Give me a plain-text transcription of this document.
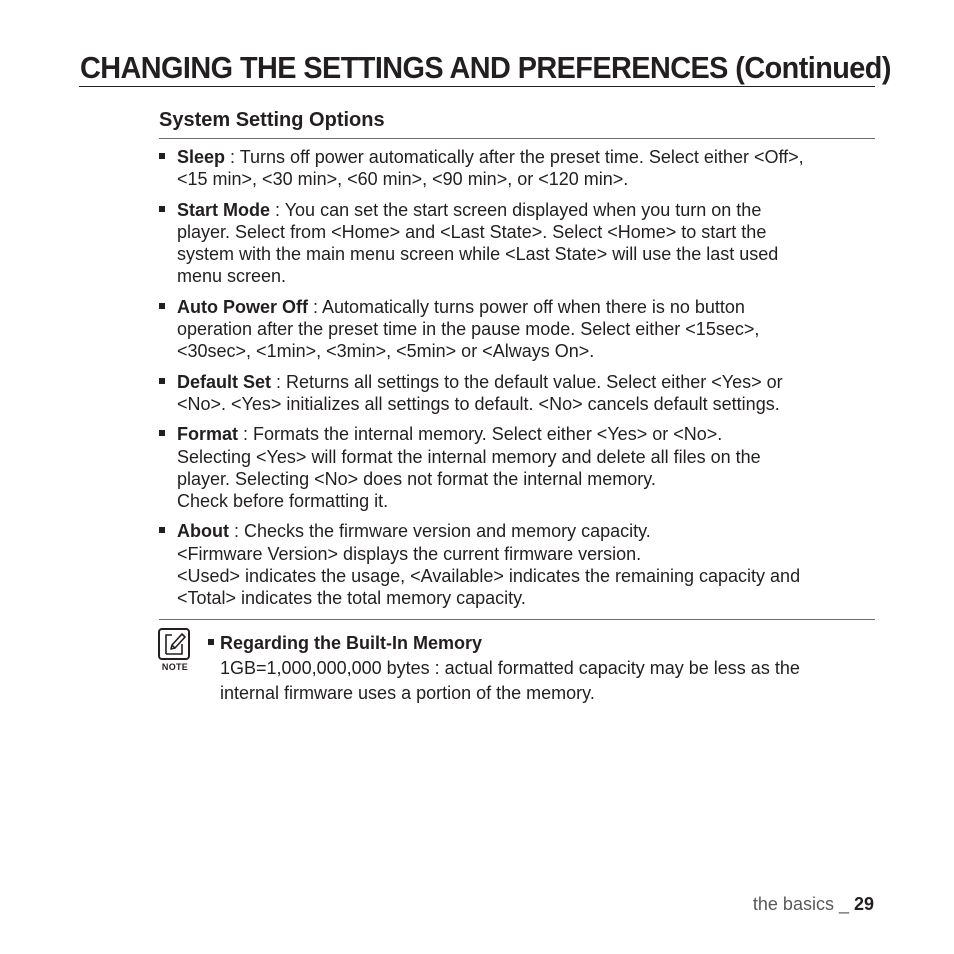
CHANGING THE SETTINGS AND PREFERENCES (Continued)
System Setting Options
Sleep : Turns off power automatically after the preset time. Select either <Off>,
<15 min>, <30 min>, <60 min>, <90 min>, or <120 min>.
Start Mode : You can set the start screen displayed when you turn on the
player. Select from <Home> and <Last State>. Select <Home> to start the
system with the main menu screen while <Last State> will use the last used
menu screen.
Auto Power Off : Automatically turns power off when there is no button
operation after the preset time in the pause mode. Select either <15sec>,
<30sec>, <1min>, <3min>, <5min> or <Always On>.
Default Set : Returns all settings to the default value. Select either <Yes> or
<No>. <Yes> initializes all settings to default. <No> cancels default settings.
Format : Formats the internal memory. Select either <Yes> or <No>.
Selecting <Yes> will format the internal memory and delete all files on the
player. Selecting <No> does not format the internal memory.
Check before formatting it.
About : Checks the firmware version and memory capacity.
<Firmware Version> displays the current firmware version.
<Used> indicates the usage, <Available> indicates the remaining capacity and
<Total> indicates the total memory capacity.
NOTE
Regarding the Built-In Memory
1GB=1,000,000,000 bytes : actual formatted capacity may be less as the
internal firmware uses a portion of the memory.
the basics _ 29
